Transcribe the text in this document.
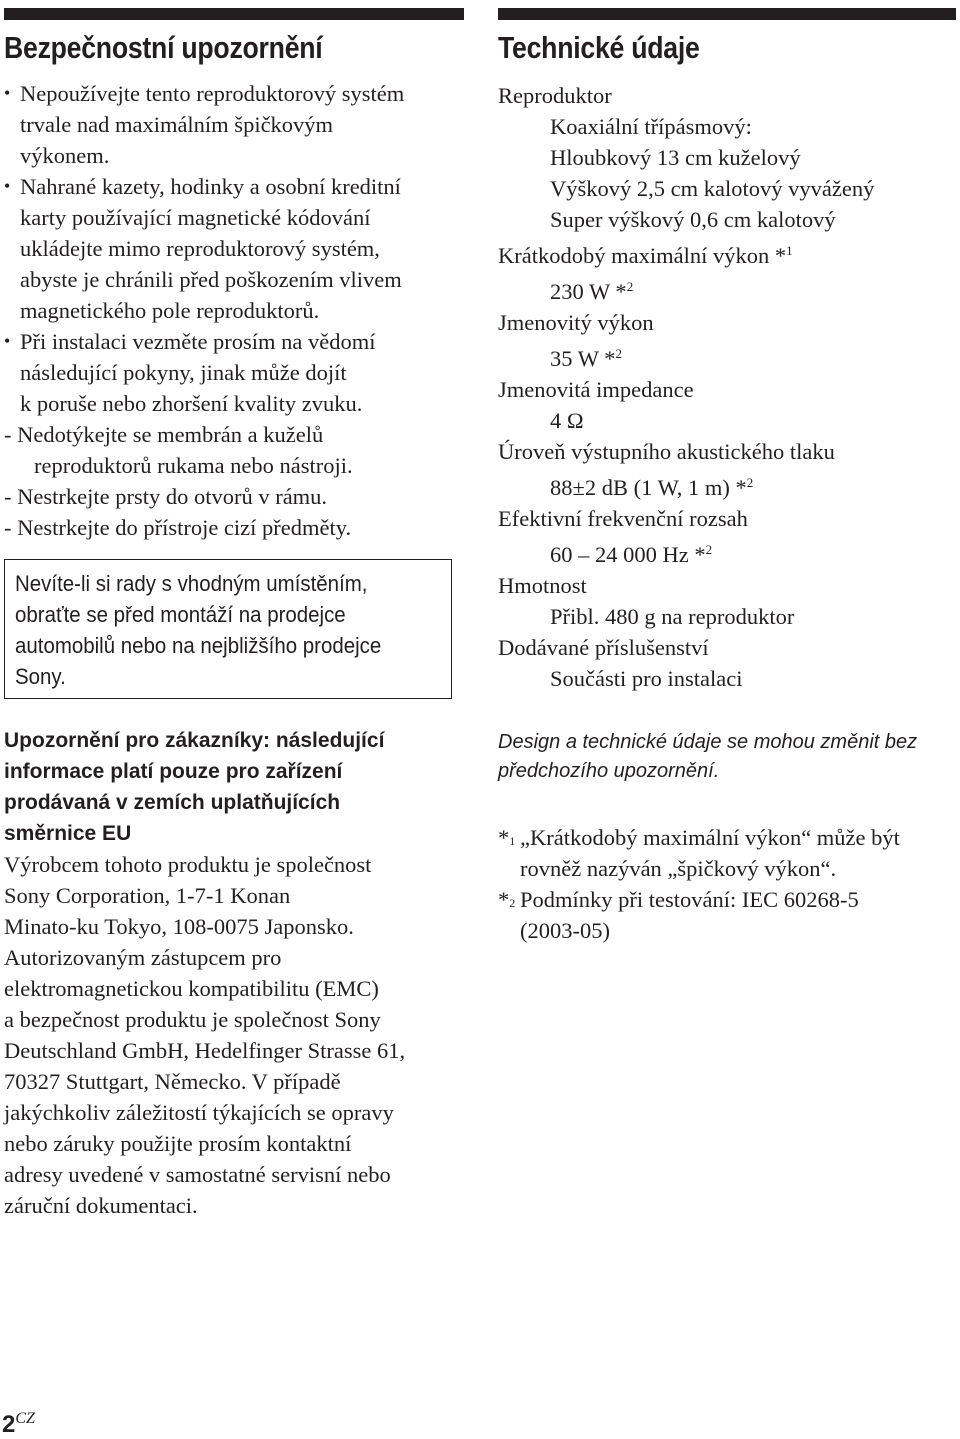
Bezpečnostní upozornění
• Nepoužívejte tento reproduktorový systém
trvale nad maximálním špičkovým
výkonem.
• Nahrané kazety, hodinky a osobní kreditní
karty používající magnetické kódování
ukládejte mimo reproduktorový systém,
abyste je chránili před poškozením vlivem
magnetického pole reproduktorů.
• Při instalaci vezměte prosím na vědomí
následující pokyny, jinak může dojít
k poruše nebo zhoršení kvality zvuku.
- Nedotýkejte se membrán a kuželů
reproduktorů rukama nebo nástroji.
- Nestrkejte prsty do otvorů v rámu.
- Nestrkejte do přístroje cizí předměty.
Nevíte-li si rady s vhodným umístěním,
obraťte se před montáží na prodejce
automobilů nebo na nejbližšího prodejce
Sony.
Upozornění pro zákazníky: následující
informace platí pouze pro zařízení
prodávaná v zemích uplatňujících
směrnice EU
Výrobcem tohoto produktu je společnost
Sony Corporation, 1-7-1 Konan
Minato-ku Tokyo, 108-0075 Japonsko.
Autorizovaným zástupcem pro
elektromagnetickou kompatibilitu (EMC)
a bezpečnost produktu je společnost Sony
Deutschland GmbH, Hedelfinger Strasse 61,
70327 Stuttgart, Německo. V případě
jakýchkoliv záležitostí týkajících se opravy
nebo záruky použijte prosím kontaktní
adresy uvedené v samostatné servisní nebo
záruční dokumentaci.
Technické údaje
Reproduktor
Koaxiální třípásmový:
Hloubkový 13 cm kuželový
Výškový 2,5 cm kalotový vyvážený
Super výškový 0,6 cm kalotový
Krátkodobý maximální výkon *$^1$
230 W *$^2$
Jmenovitý výkon
35 W *$^2$
Jmenovitá impedance
4 Ω
Úroveň výstupního akustického tlaku
88±2 dB (1 W, 1 m) *$^2$
Efektivní frekvenční rozsah
60 – 24 000 Hz *$^2$
Hmotnost
Přibl. 480 g na reproduktor
Dodávané příslušenství
Součásti pro instalaci
Design a technické údaje se mohou změnit bez
předchozího upozornění.
*1 „Krátkodobý maximální výkon“ může být
rovněž nazýván „špičkový výkon“.
*2 Podmínky při testování: IEC 60268-5
(2003-05)
$2^{CZ}$
